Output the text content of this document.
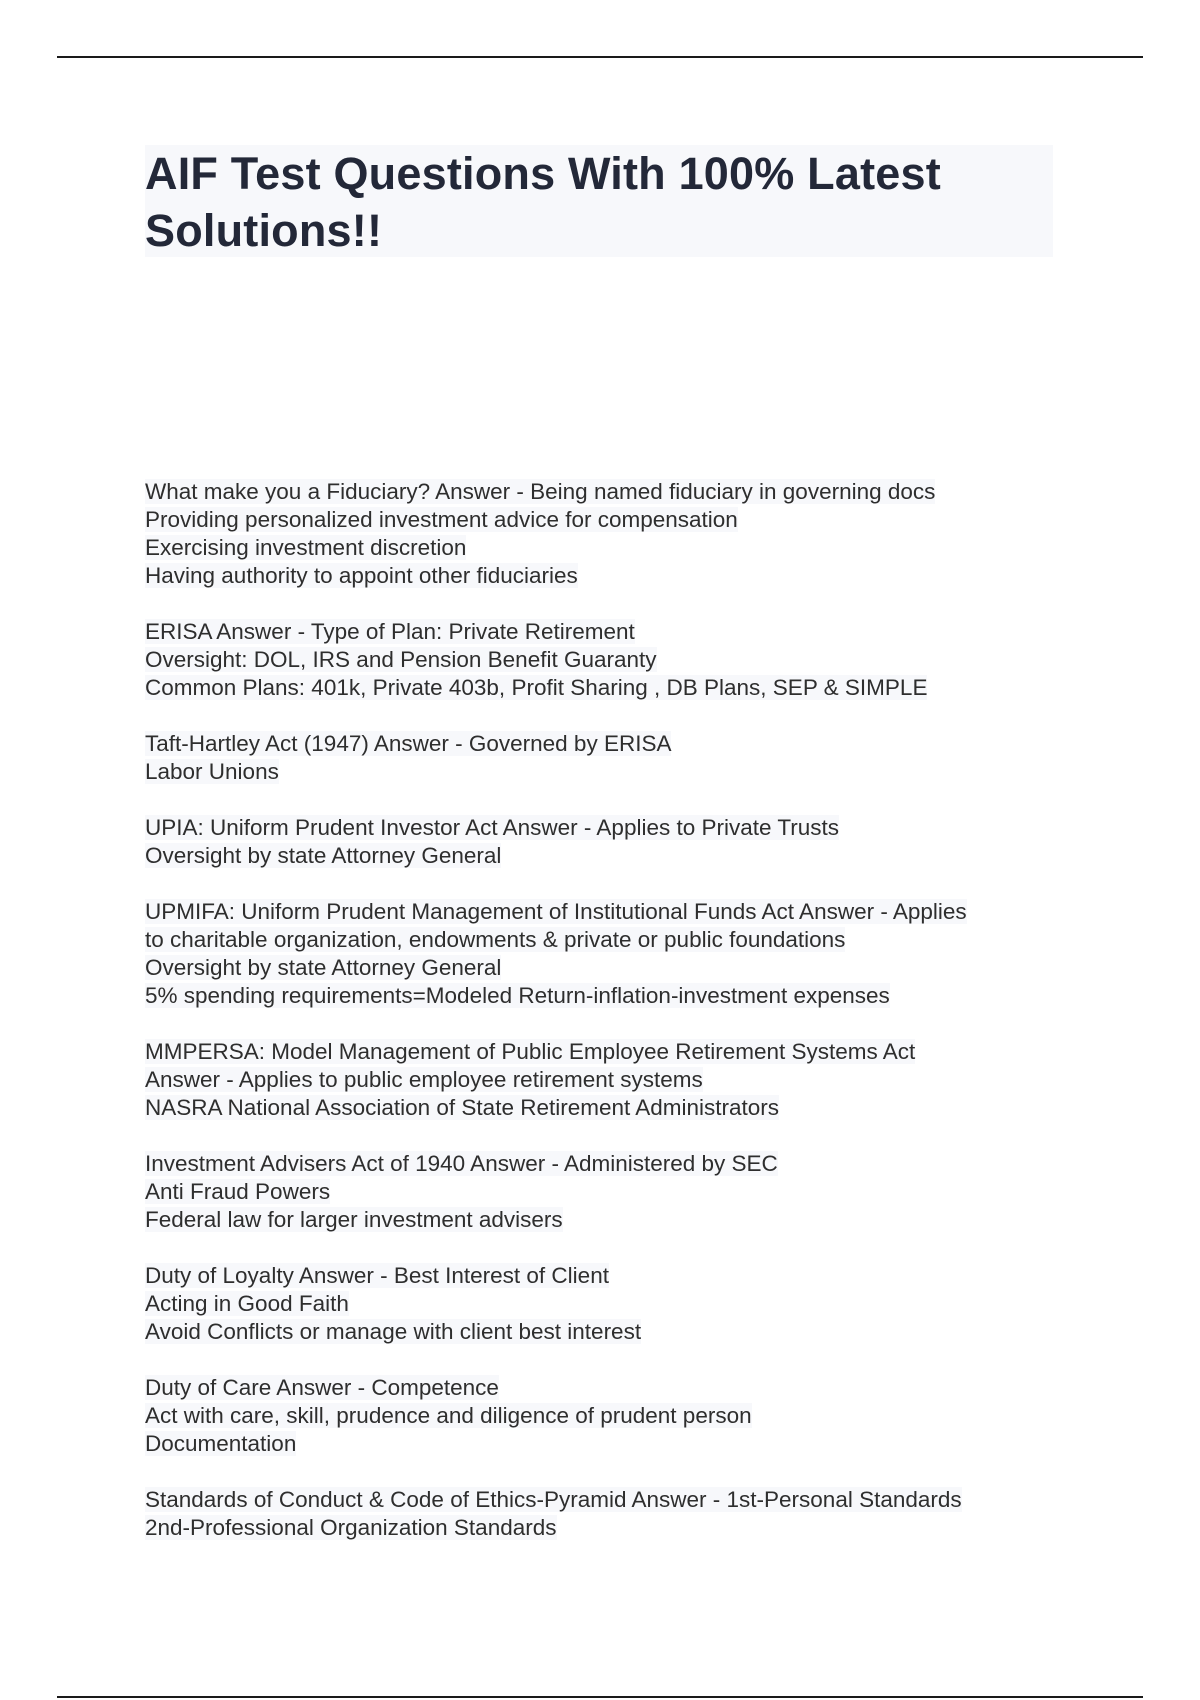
AIF Test Questions With 100% Latest Solutions!!
What make you a Fiduciary? Answer - Being named fiduciary in governing docs
Providing personalized investment advice for compensation
Exercising investment discretion
Having authority to appoint other fiduciaries
ERISA Answer - Type of Plan: Private Retirement
Oversight: DOL, IRS and Pension Benefit Guaranty
Common Plans: 401k, Private 403b, Profit Sharing , DB Plans, SEP & SIMPLE
Taft-Hartley Act (1947) Answer - Governed by ERISA
Labor Unions
UPIA: Uniform Prudent Investor Act Answer - Applies to Private Trusts
Oversight by state Attorney General
UPMIFA: Uniform Prudent Management of Institutional Funds Act Answer - Applies
to charitable organization, endowments & private or public foundations
Oversight by state Attorney General
5% spending requirements=Modeled Return-inflation-investment expenses
MMPERSA: Model Management of Public Employee Retirement Systems Act
Answer - Applies to public employee retirement systems
NASRA National Association of State Retirement Administrators
Investment Advisers Act of 1940 Answer - Administered by SEC
Anti Fraud Powers
Federal law for larger investment advisers
Duty of Loyalty Answer - Best Interest of Client
Acting in Good Faith
Avoid Conflicts or manage with client best interest
Duty of Care Answer - Competence
Act with care, skill, prudence and diligence of prudent person
Documentation
Standards of Conduct & Code of Ethics-Pyramid Answer - 1st-Personal Standards
2nd-Professional Organization Standards
